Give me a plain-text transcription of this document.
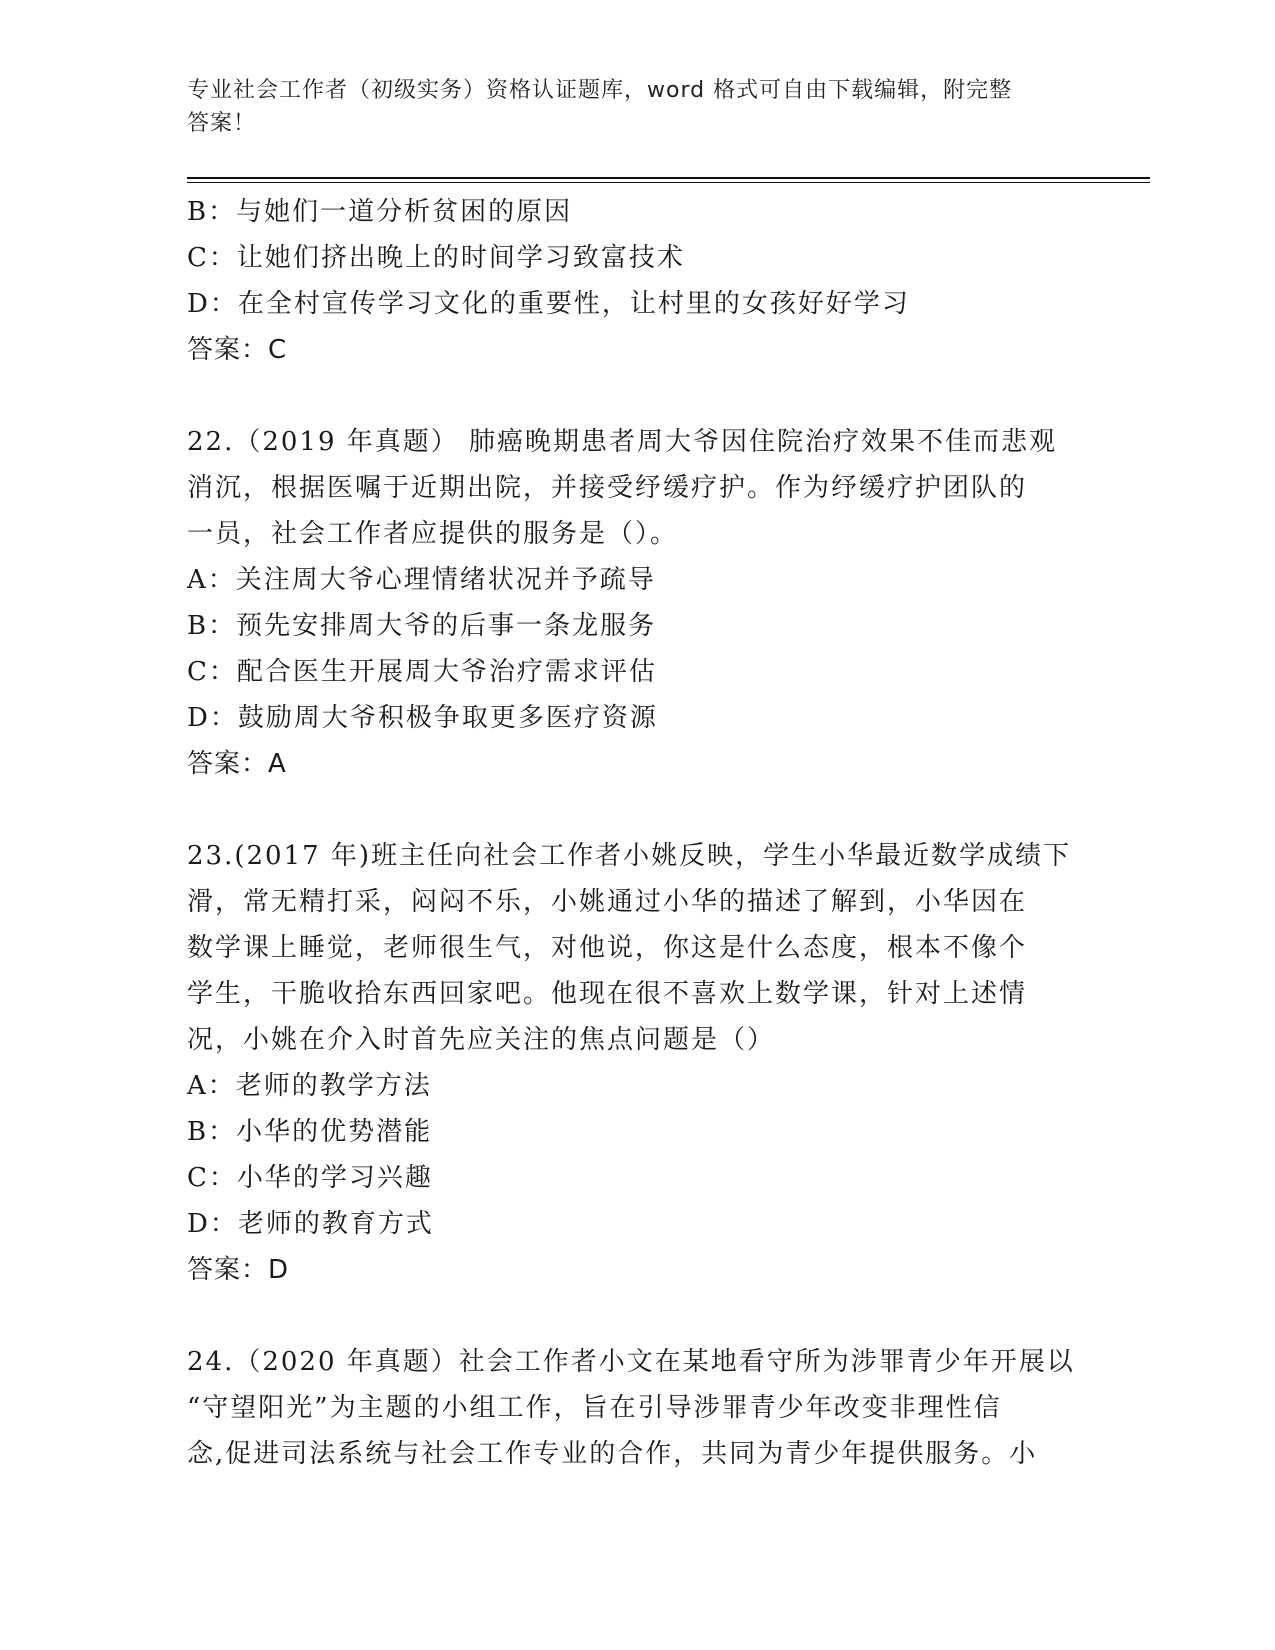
专业社会工作者（初级实务）资格认证题库，word 格式可自由下载编辑，附完整
答案！
B：与她们一道分析贫困的原因
C：让她们挤出晚上的时间学习致富技术
D：在全村宣传学习文化的重要性，让村里的女孩好好学习
答案：C
22.（2019 年真题） 肺癌晚期患者周大爷因住院治疗效果不佳而悲观
消沉，根据医嘱于近期出院，并接受纾缓疗护。作为纾缓疗护团队的
一员，社会工作者应提供的服务是（）。
A：关注周大爷心理情绪状况并予疏导
B：预先安排周大爷的后事一条龙服务
C：配合医生开展周大爷治疗需求评估
D：鼓励周大爷积极争取更多医疗资源
答案：A
23.(2017 年)班主任向社会工作者小姚反映，学生小华最近数学成绩下
滑，常无精打采，闷闷不乐，小姚通过小华的描述了解到，小华因在
数学课上睡觉，老师很生气，对他说，你这是什么态度，根本不像个
学生，干脆收拾东西回家吧。他现在很不喜欢上数学课，针对上述情
况，小姚在介入时首先应关注的焦点问题是（）
A：老师的教学方法
B：小华的优势潜能
C：小华的学习兴趣
D：老师的教育方式
答案：D
24.（2020 年真题）社会工作者小文在某地看守所为涉罪青少年开展以
“守望阳光”为主题的小组工作，旨在引导涉罪青少年改变非理性信
念,促进司法系统与社会工作专业的合作，共同为青少年提供服务。小
